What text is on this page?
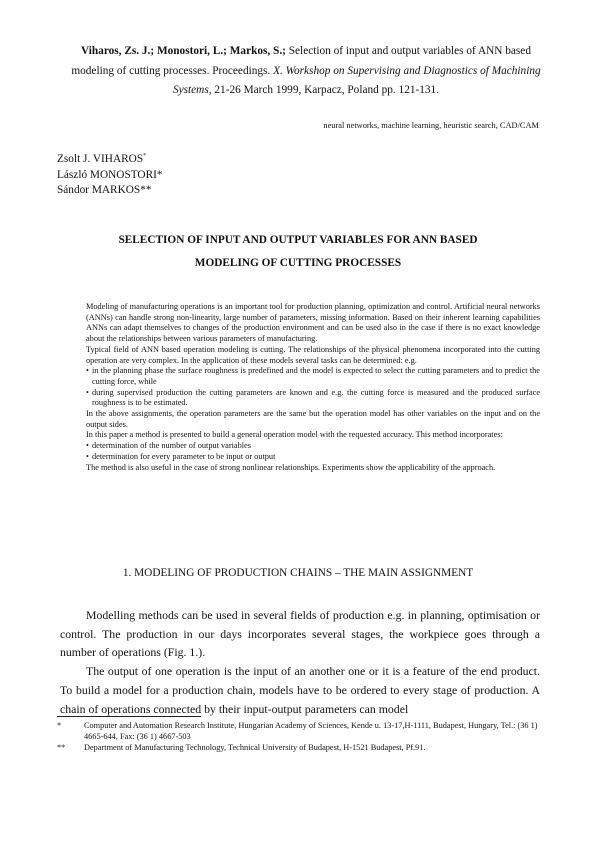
Viharos, Zs. J.; Monostori, L.; Markos, S.; Selection of input and output variables of ANN based modeling of cutting processes. Proceedings. X. Workshop on Supervising and Diagnostics of Machining Systems, 21-26 March 1999, Karpacz, Poland pp. 121-131.
neural networks, machine learning, heuristic search, CAD/CAM
Zsolt J. VIHAROS*
László MONOSTORI*
Sándor MARKOS**
SELECTION OF INPUT AND OUTPUT VARIABLES FOR ANN BASED
MODELING OF CUTTING PROCESSES

Modeling of manufacturing operations is an important tool for production planning, optimization and control. Artificial neural networks (ANNs) can handle strong non-linearity, large number of parameters, missing information. Based on their inherent learning capabilities ANNs can adapt themselves to changes of the production environment and can be used also in the case if there is no exact knowledge about the relationships between various parameters of manufacturing.

Typical field of ANN based operation modeling is cutting. The relationships of the physical phenomena incorporated into the cutting operation are very complex. In the application of these models several tasks can be determined: e.g.

• in the planning phase the surface roughness is predefined and the model is expected to select the cutting parameters and to predict the cutting force, while
• during supervised production the cutting parameters are known and e.g. the cutting force is measured and the produced surface roughness is to be estimated.

In the above assignments, the operation parameters are the same but the operation model has other variables on the input and on the output sides.

In this paper a method is presented to build a general operation model with the requested accuracy. This method incorporates:

• determination of the number of output variables
• determination for every parameter to be input or output

The method is also useful in the case of strong nonlinear relationships. Experiments show the applicability of the approach.

1. MODELING OF PRODUCTION CHAINS – THE MAIN ASSIGNMENT

Modelling methods can be used in several fields of production e.g. in planning, optimisation or control. The production in our days incorporates several stages, the workpiece goes through a number of operations (Fig. 1.).

The output of one operation is the input of an another one or it is a feature of the end product. To build a model for a production chain, models have to be ordered to every stage of production. A chain of operations connected by their input-output parameters can model

*	Computer and Automation Research Institute, Hungarian Academy of Sciences, Kende u. 13-17,H-1111, Budapest, Hungary, Tel.: (36 1) 4665-644, Fax: (36 1) 4667-503
**	Department of Manufacturing Technology, Technical University of Budapest, H-1521 Budapest, Pf.91.
